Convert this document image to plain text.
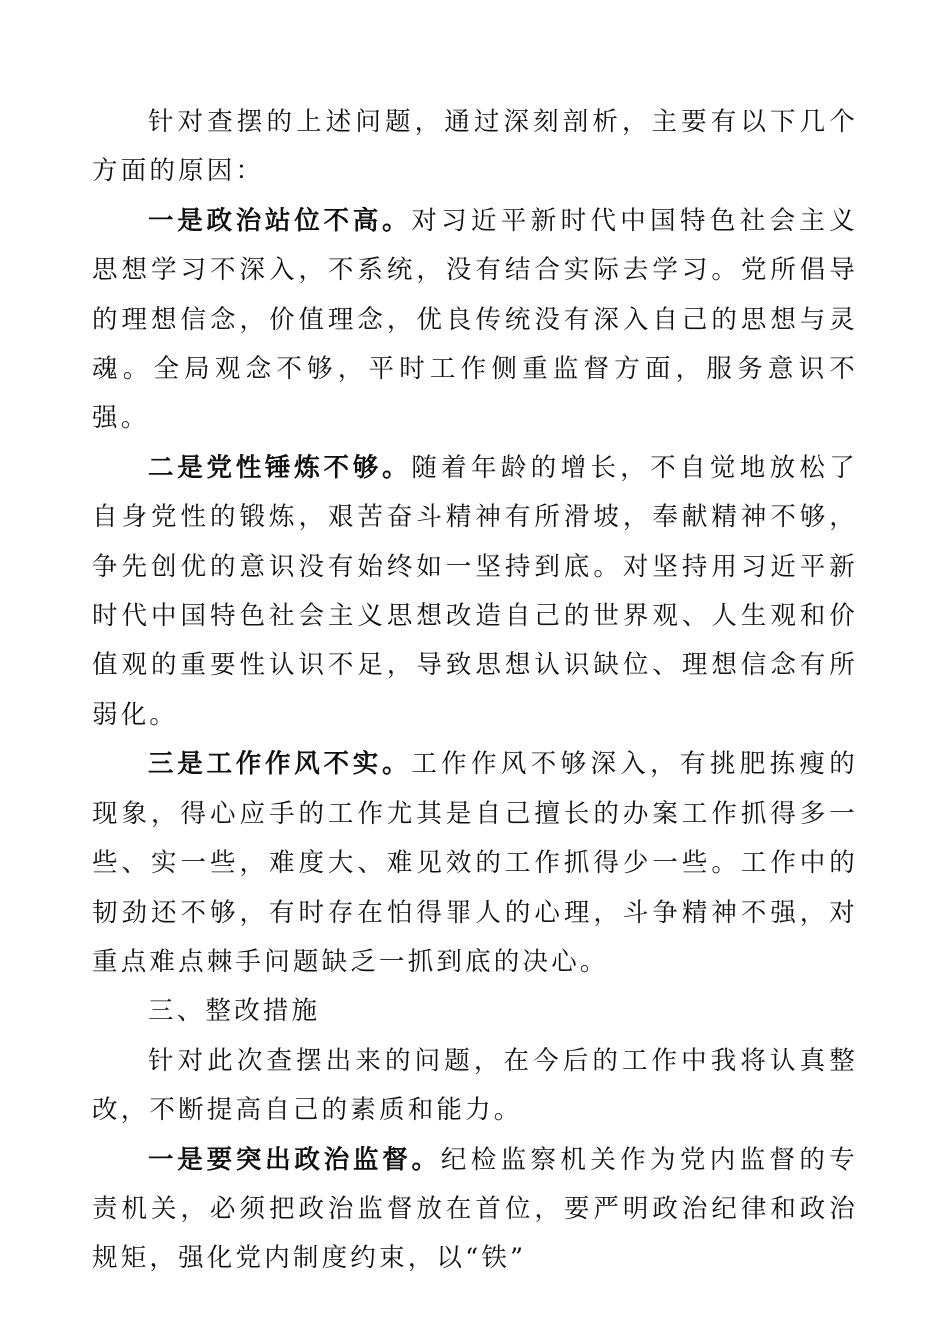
针对查摆的上述问题，通过深刻剖析，主要有以下几个方面的原因：

一是政治站位不高。对习近平新时代中国特色社会主义思想学习不深入，不系统，没有结合实际去学习。党所倡导的理想信念，价值理念，优良传统没有深入自己的思想与灵魂。全局观念不够，平时工作侧重监督方面，服务意识不强。

二是党性锤炼不够。随着年龄的增长，不自觉地放松了自身党性的锻炼，艰苦奋斗精神有所滑坡，奉献精神不够，争先创优的意识没有始终如一坚持到底。对坚持用习近平新时代中国特色社会主义思想改造自己的世界观、人生观和价值观的重要性认识不足，导致思想认识缺位、理想信念有所弱化。

三是工作作风不实。工作作风不够深入，有挑肥拣瘦的现象，得心应手的工作尤其是自己擅长的办案工作抓得多一些、实一些，难度大、难见效的工作抓得少一些。工作中的韧劲还不够，有时存在怕得罪人的心理，斗争精神不强，对重点难点棘手问题缺乏一抓到底的决心。

三、整改措施

针对此次查摆出来的问题，在今后的工作中我将认真整改，不断提高自己的素质和能力。

一是要突出政治监督。纪检监察机关作为党内监督的专责机关，必须把政治监督放在首位，要严明政治纪律和政治规矩，强化党内制度约束，以“铁”
